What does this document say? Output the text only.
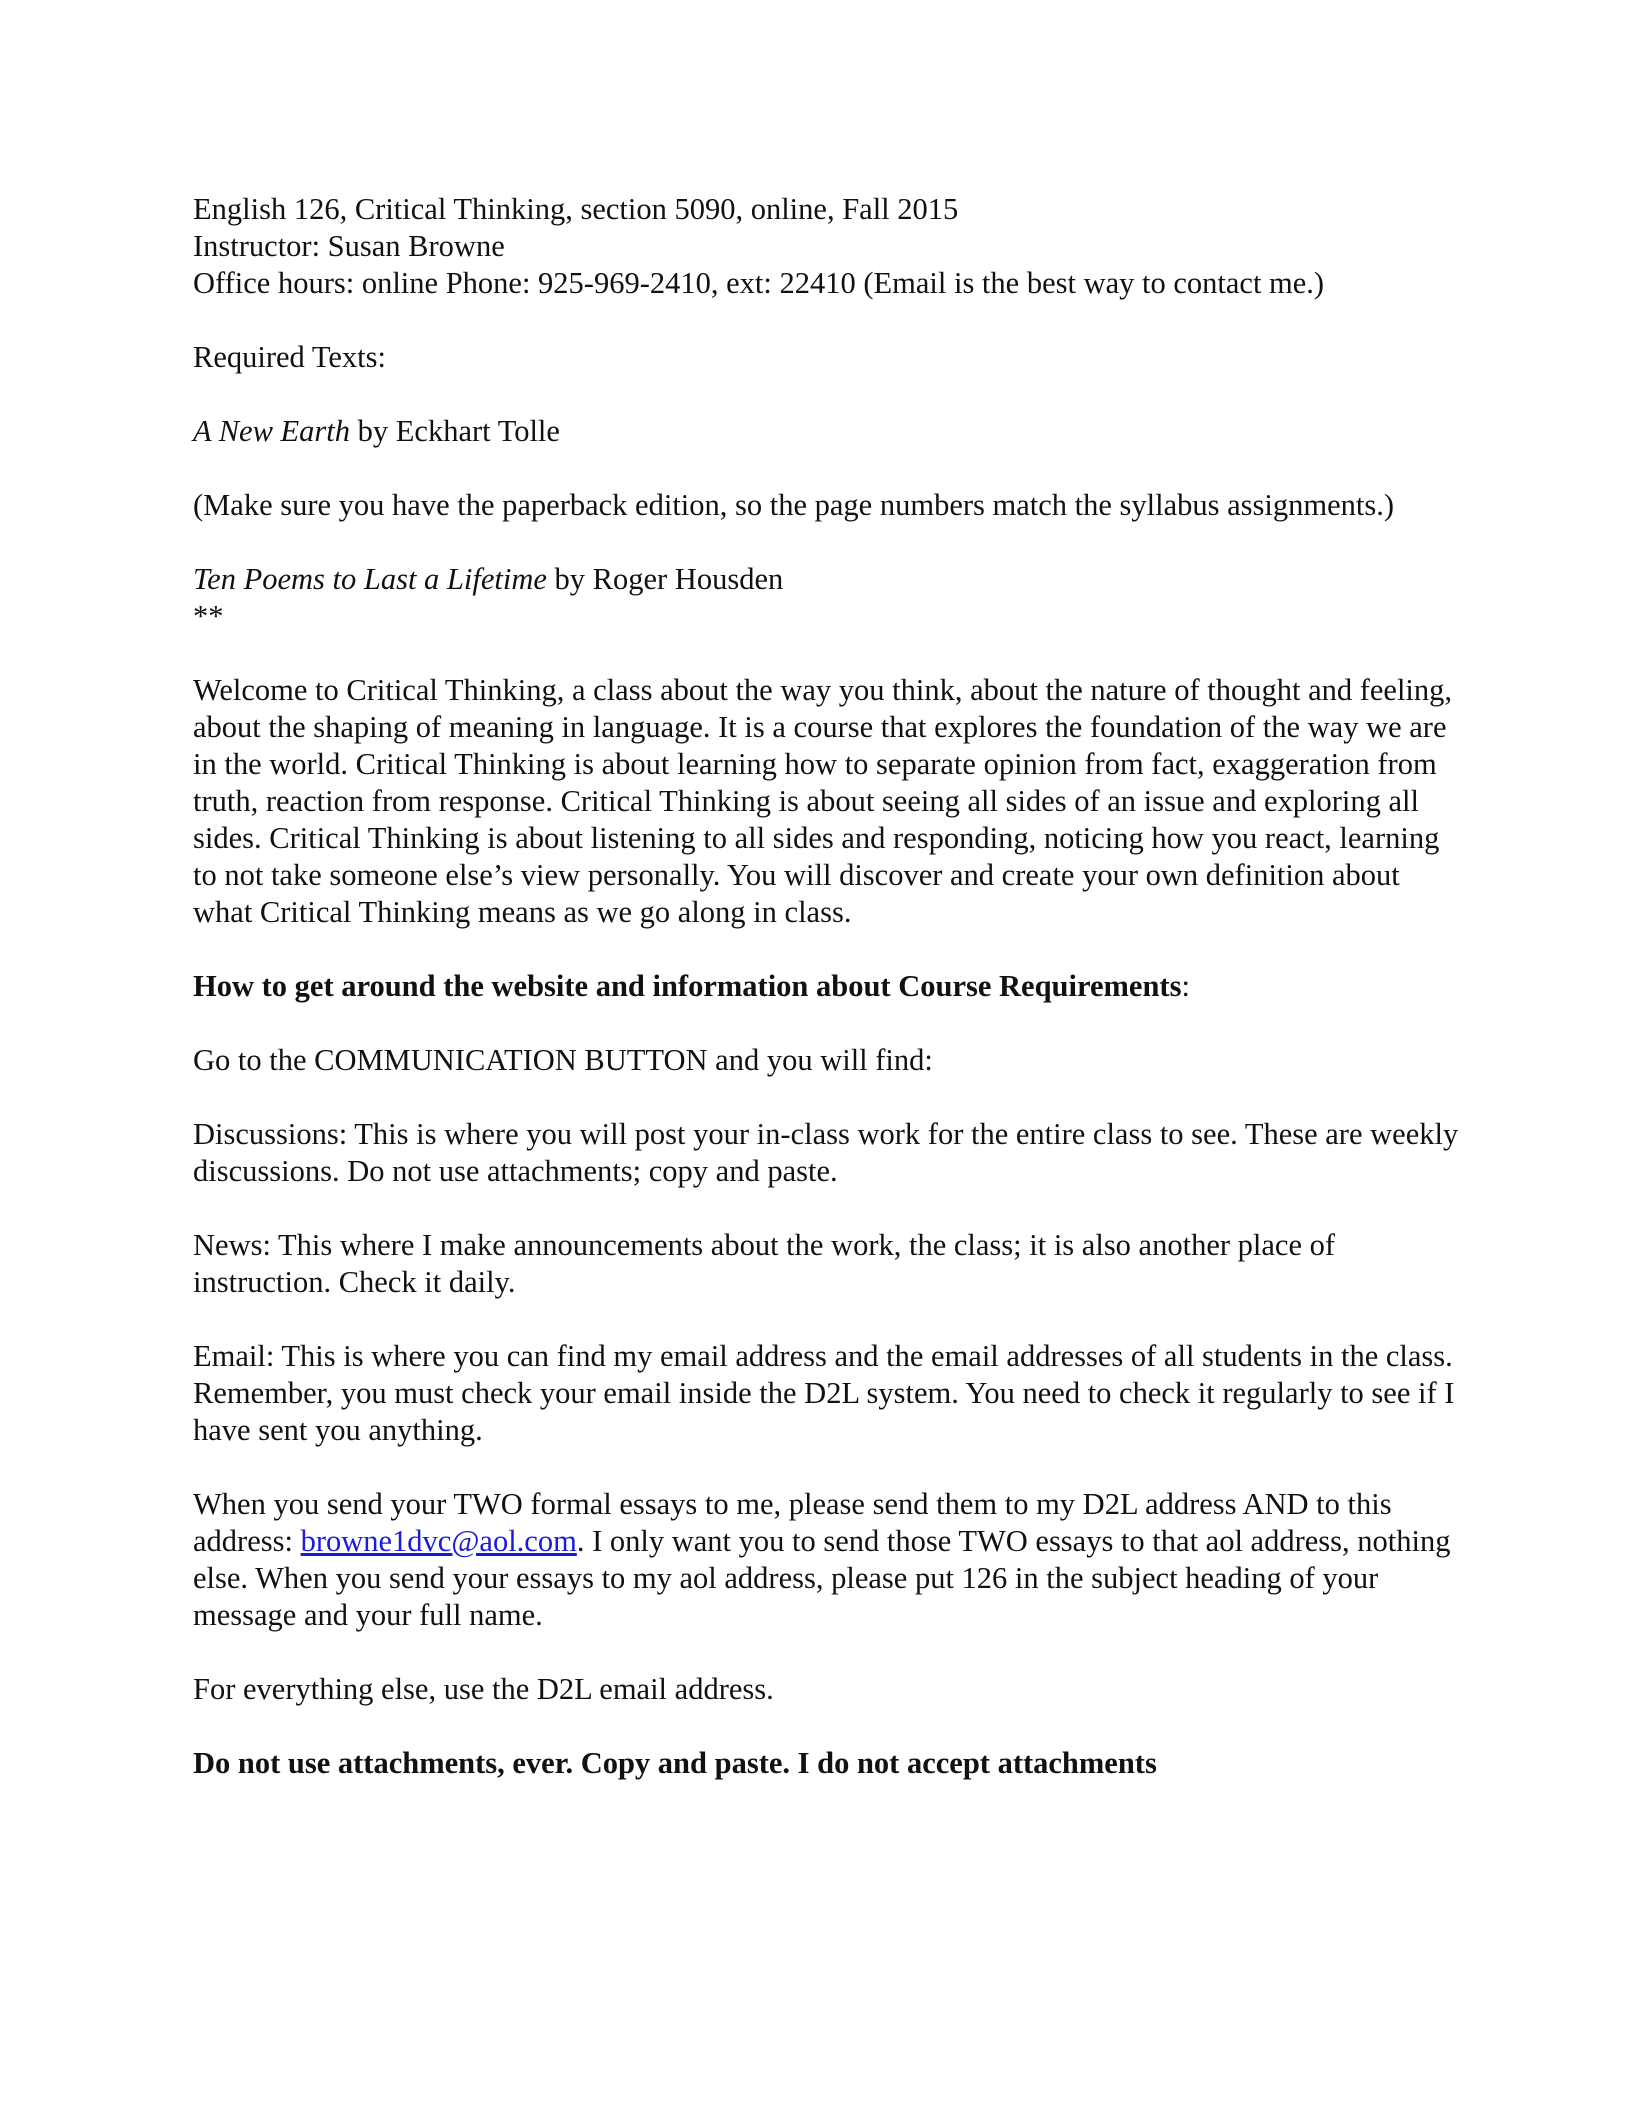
English 126, Critical Thinking, section 5090, online, Fall 2015
Instructor: Susan Browne
Office hours: online Phone: 925-969-2410, ext: 22410 (Email is the best way to contact me.)

Required Texts:

A New Earth by Eckhart Tolle

(Make sure you have the paperback edition, so the page numbers match the syllabus assignments.)

Ten Poems to Last a Lifetime by Roger Housden
**

Welcome to Critical Thinking, a class about the way you think, about the nature of thought and feeling, about the shaping of meaning in language. It is a course that explores the foundation of the way we are in the world. Critical Thinking is about learning how to separate opinion from fact, exaggeration from truth, reaction from response. Critical Thinking is about seeing all sides of an issue and exploring all sides. Critical Thinking is about listening to all sides and responding, noticing how you react, learning to not take someone else’s view personally. You will discover and create your own definition about what Critical Thinking means as we go along in class.

How to get around the website and information about Course Requirements:

Go to the COMMUNICATION BUTTON and you will find:

Discussions: This is where you will post your in-class work for the entire class to see. These are weekly discussions. Do not use attachments; copy and paste.

News: This where I make announcements about the work, the class; it is also another place of instruction. Check it daily.

Email: This is where you can find my email address and the email addresses of all students in the class. Remember, you must check your email inside the D2L system. You need to check it regularly to see if I have sent you anything.

When you send your TWO formal essays to me, please send them to my D2L address AND to this address: browne1dvc@aol.com. I only want you to send those TWO essays to that aol address, nothing else. When you send your essays to my aol address, please put 126 in the subject heading of your message and your full name.

For everything else, use the D2L email address.

Do not use attachments, ever. Copy and paste. I do not accept attachments
